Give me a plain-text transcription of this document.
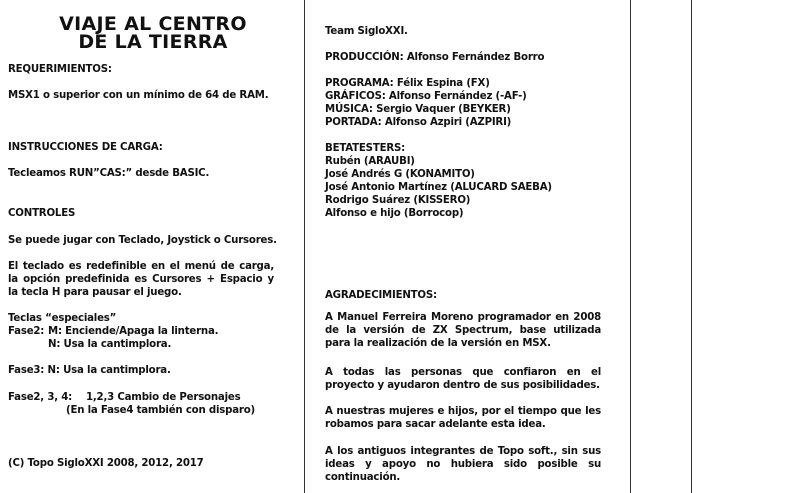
VIAJE AL CENTRO
DE LA TIERRA
REQUERIMIENTOS:
MSX1 o superior con un mínimo de 64 de RAM.
INSTRUCCIONES DE CARGA:
Tecleamos RUN”CAS:” desde BASIC.
CONTROLES
Se puede jugar con Teclado, Joystick o Cursores.
El teclado es redefinible en el menú de carga, la opción predefinida es Cursores + Espacio y la tecla H para pausar el juego.
Teclas “especiales”
Fase2: M: Enciende/Apaga la linterna.
N: Usa la cantimplora.
Fase3: N: Usa la cantimplora.
Fase2, 3, 4: 1,2,3 Cambio de Personajes
(En la Fase4 también con disparo)
(C) Topo SigloXXI 2008, 2012, 2017
Team SigloXXI.
PRODUCCIÓN: Alfonso Fernández Borro
PROGRAMA: Félix Espina (FX)
GRÁFICOS: Alfonso Fernández (-AF-)
MÚSICA: Sergio Vaquer (BEYKER)
PORTADA: Alfonso Azpiri (AZPIRI)
BETATESTERS:
Rubén (ARAUBI)
José Andrés G (KONAMITO)
José Antonio Martínez (ALUCARD SAEBA)
Rodrigo Suárez (KISSERO)
Alfonso e hijo (Borrocop)
AGRADECIMIENTOS:
A Manuel Ferreira Moreno programador en 2008 de la versión de ZX Spectrum, base utilizada para la realización de la versión en MSX.
A todas las personas que confiaron en el proyecto y ayudaron dentro de sus posibilidades.
A nuestras mujeres e hijos, por el tiempo que les robamos para sacar adelante esta idea.
A los antiguos integrantes de Topo soft., sin sus ideas y apoyo no hubiera sido posible su continuación.
